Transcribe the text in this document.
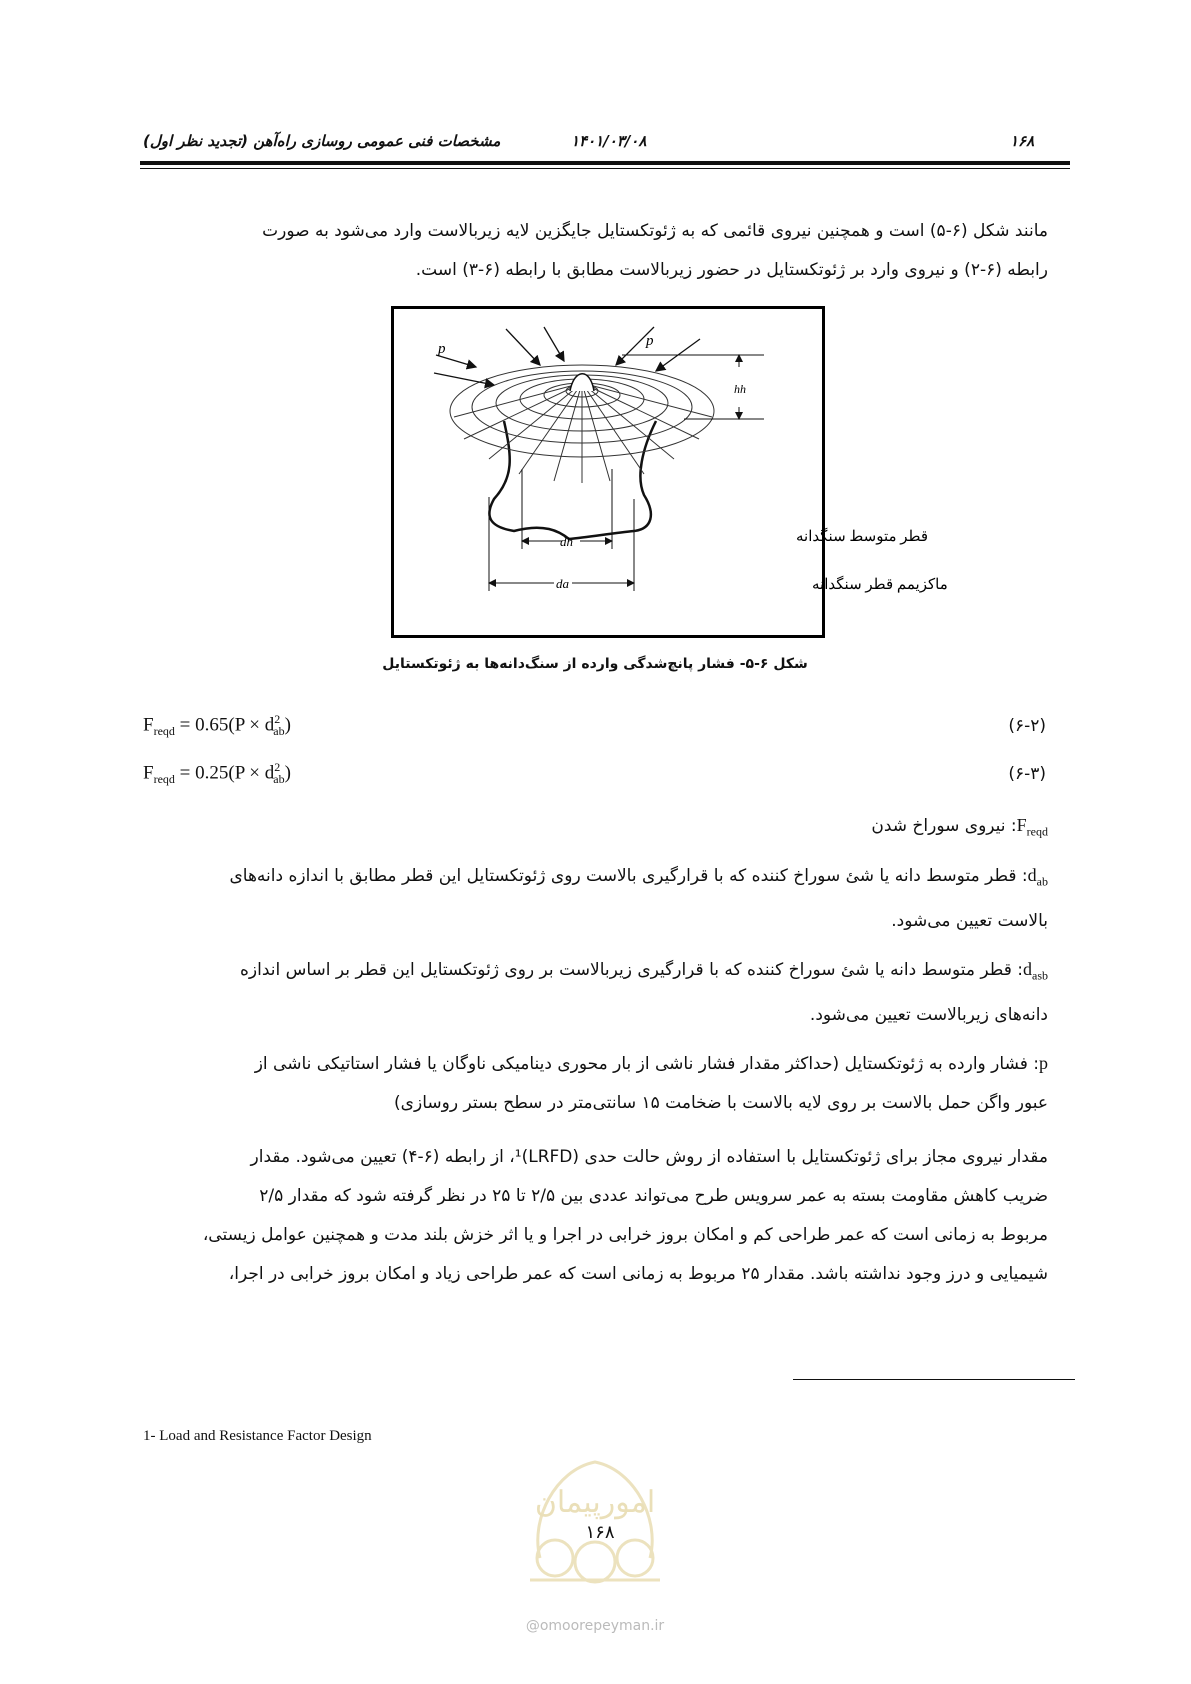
۱۶۸
۱۴۰۱/۰۳/۰۸
مشخصات فنی عمومی روسازی راه‌آهن (تجدید نظر اول)
مانند شکل (۶-۵) است و همچنین نیروی قائمی که به ژئوتکستایل جایگزین لایه زیربالاست وارد می‌شود به صورت
رابطه (۶-۲) و نیروی وارد بر ژئوتکستایل در حضور زیربالاست مطابق با رابطه (۶-۳) است.
p	p
hh
dh
da
قطر متوسط سنگدانه
ماکزیمم قطر سنگدانه
شکل ۶-۵- فشار پانچ‌شدگی وارده از سنگ‌دانه‌ها به ژئوتکستایل
$F_{reqd} = 0.65(P \times d^2_{ab})$	(۶-۲)
$F_{reqd} = 0.25(P \times d^2_{ab})$	(۶-۳)
$F_{reqd}$: نیروی سوراخ شدن
$d_{ab}$: قطر متوسط دانه یا شئ سوراخ کننده که با قرارگیری بالاست روی ژئوتکستایل این قطر مطابق با اندازه دانه‌های
بالاست تعیین می‌شود.
$d_{asb}$: قطر متوسط دانه یا شئ سوراخ کننده که با قرارگیری زیربالاست بر روی ژئوتکستایل این قطر بر اساس اندازه
دانه‌های زیربالاست تعیین می‌شود.
p: فشار وارده به ژئوتکستایل (حداکثر مقدار فشار ناشی از بار محوری دینامیکی ناوگان یا فشار استاتیکی ناشی از
عبور واگن حمل بالاست بر روی لایه بالاست با ضخامت ۱۵ سانتی‌متر در سطح بستر روسازی)
مقدار نیروی مجاز برای ژئوتکستایل با استفاده از روش حالت حدی (LRFD)¹، از رابطه (۶-۴) تعیین می‌شود. مقدار
ضریب کاهش مقاومت بسته به عمر سرویس طرح می‌تواند عددی بین ۲/۵ تا ۲۵ در نظر گرفته شود که مقدار ۲/۵
مربوط به زمانی است که عمر طراحی کم و امکان بروز خرابی در اجرا و یا اثر خزش بلند مدت و همچنین عوامل زیستی،
شیمیایی و درز وجود نداشته باشد. مقدار ۲۵ مربوط به زمانی است که عمر طراحی زیاد و امکان بروز خرابی در اجرا،
1- Load and Resistance Factor Design
امورپیمان
۱۶۸
@omoorepeyman.ir
